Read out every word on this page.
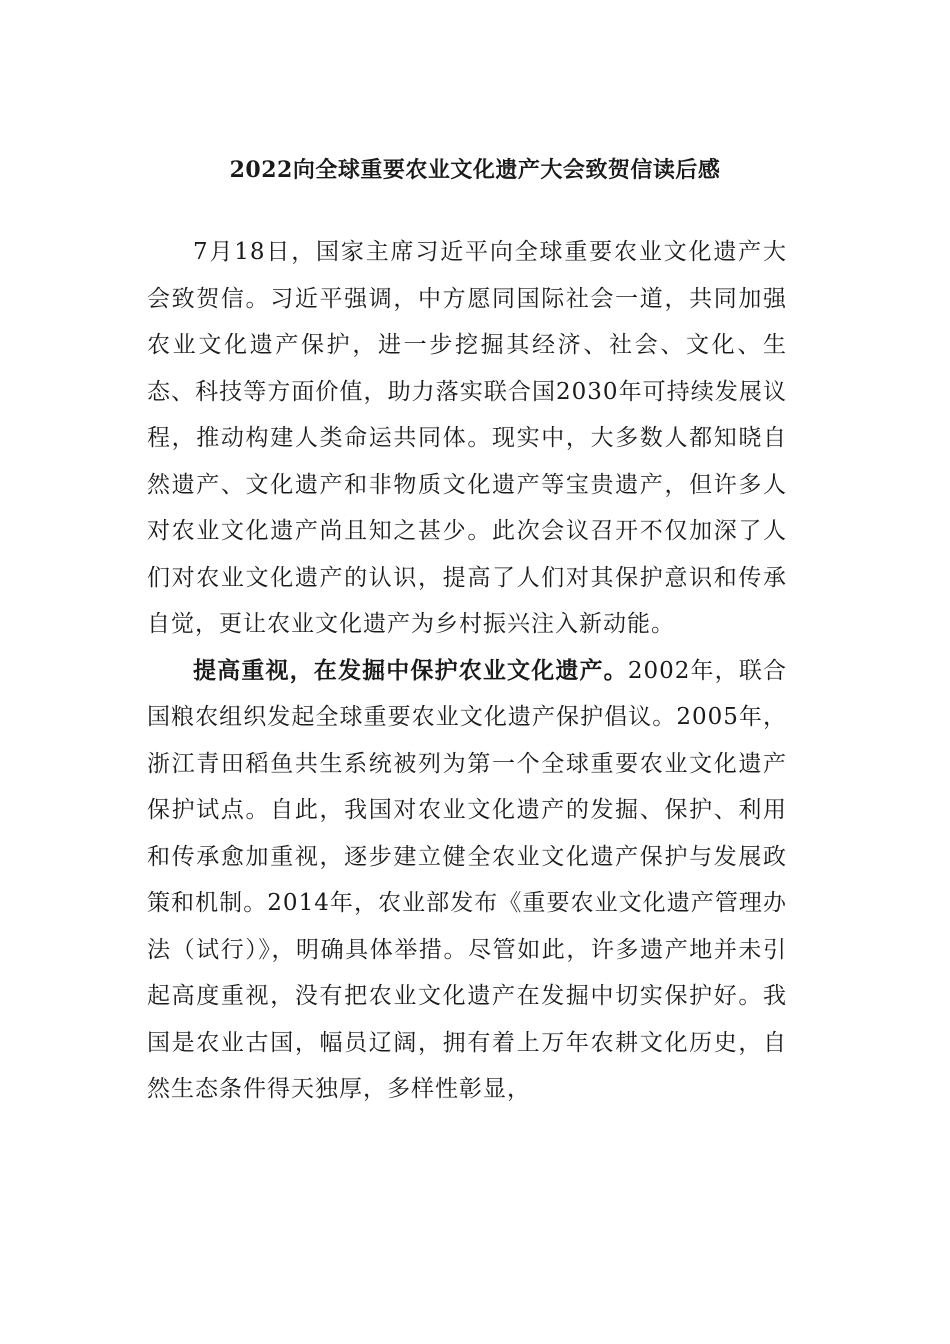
2022向全球重要农业文化遗产大会致贺信读后感

7月18日，国家主席习近平向全球重要农业文化遗产大会致贺信。习近平强调，中方愿同国际社会一道，共同加强农业文化遗产保护，进一步挖掘其经济、社会、文化、生态、科技等方面价值，助力落实联合国2030年可持续发展议程，推动构建人类命运共同体。现实中，大多数人都知晓自然遗产、文化遗产和非物质文化遗产等宝贵遗产，但许多人对农业文化遗产尚且知之甚少。此次会议召开不仅加深了人们对农业文化遗产的认识，提高了人们对其保护意识和传承自觉，更让农业文化遗产为乡村振兴注入新动能。

提高重视，在发掘中保护农业文化遗产。2002年，联合国粮农组织发起全球重要农业文化遗产保护倡议。2005年，浙江青田稻鱼共生系统被列为第一个全球重要农业文化遗产保护试点。自此，我国对农业文化遗产的发掘、保护、利用和传承愈加重视，逐步建立健全农业文化遗产保护与发展政策和机制。2014年，农业部发布《重要农业文化遗产管理办法（试行）》，明确具体举措。尽管如此，许多遗产地并未引起高度重视，没有把农业文化遗产在发掘中切实保护好。我国是农业古国，幅员辽阔，拥有着上万年农耕文化历史，自然生态条件得天独厚，多样性彰显，
